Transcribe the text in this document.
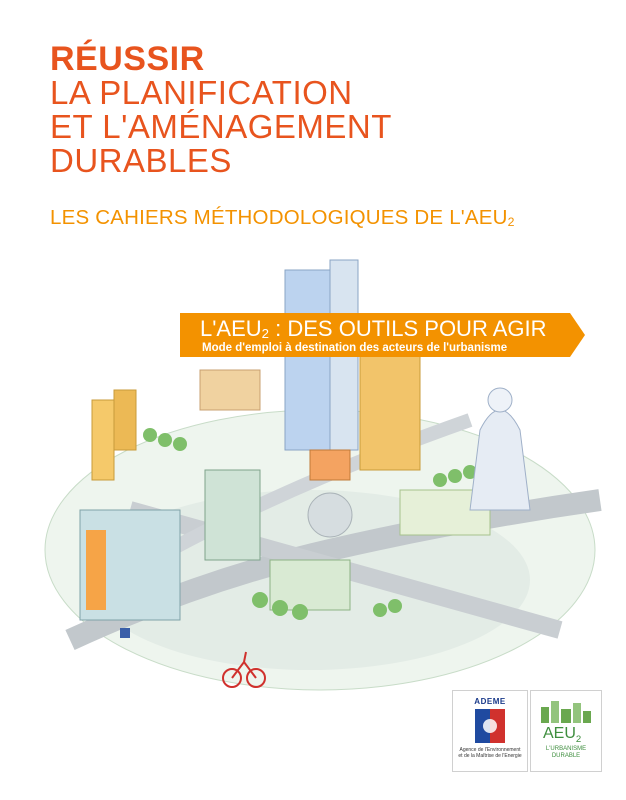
RÉUSSIR
LA PLANIFICATION
ET L'AMÉNAGEMENT
DURABLES
LES CAHIERS MÉTHODOLOGIQUES DE $L'AEU_2$
$L'AEU_2$ : DES OUTILS POUR AGIR
Mode d'emploi à destination des acteurs de l'urbanisme
ADEME
Agence de l'Environnement et de la Maîtrise de l'Energie
$AEU_2$
L'URBANISME DURABLE
